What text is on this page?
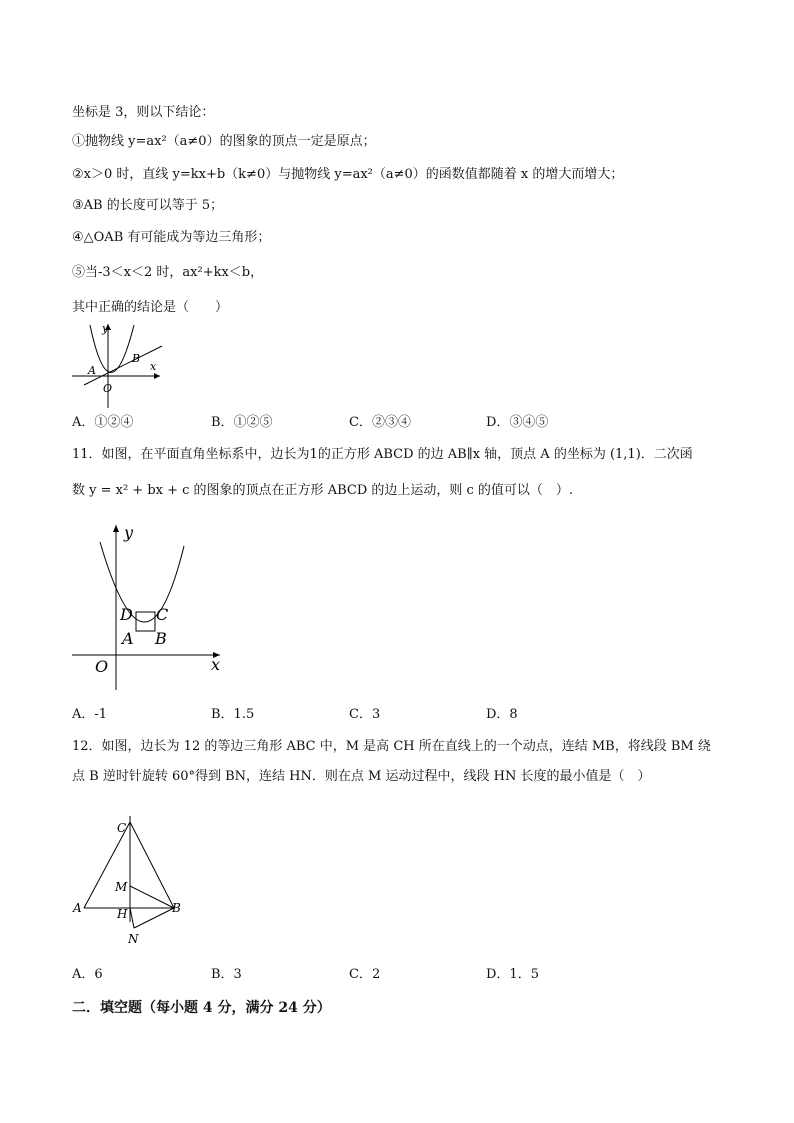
坐标是 3，则以下结论：
①抛物线 y=ax²（a≠0）的图象的顶点一定是原点；
②x＞0 时，直线 y=kx+b（k≠0）与抛物线 y=ax²（a≠0）的函数值都随着 x 的增大而增大；
③AB 的长度可以等于 5；
④△OAB 有可能成为等边三角形；
⑤当-3＜x＜2 时，ax²+kx＜b，
其中正确的结论是（　　）
y
x
A
B
O
A．①②④	B．①②⑤	C．②③④	D．③④⑤
11．如图，在平面直角坐标系中，边长为1的正方形 ABCD 的边 AB∥x 轴，顶点 A 的坐标为 (1,1)．二次函
数 y = x² + bx + c 的图象的顶点在正方形 ABCD 的边上运动，则 c 的值可以（　）.
y
x
O
D C
A B
A．-1	B．1.5	C．3	D．8
12．如图，边长为 12 的等边三角形 ABC 中，M 是高 CH 所在直线上的一个动点，连结 MB，将线段 BM 绕
点 B 逆时针旋转 60°得到 BN，连结 HN．则在点 M 运动过程中，线段 HN 长度的最小值是（　）
C
M
A	H	B
N
A．6	B．3	C．2	D．1．5
二．填空题（每小题 4 分，满分 24 分）
